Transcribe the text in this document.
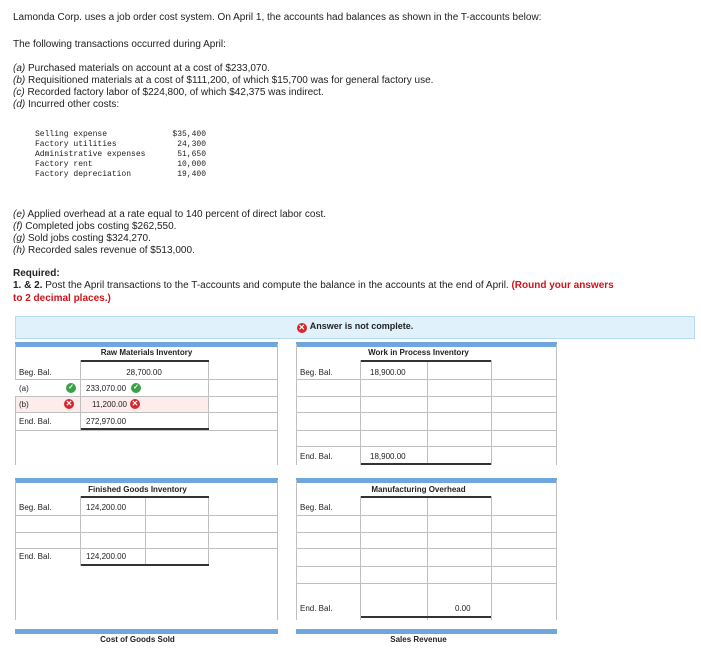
Lamonda Corp. uses a job order cost system. On April 1, the accounts had balances as shown in the T-accounts below:
The following transactions occurred during April:
(a) Purchased materials on account at a cost of $233,070.
(b) Requisitioned materials at a cost of $111,200, of which $15,700 was for general factory use.
(c) Recorded factory labor of $224,800, of which $42,375 was indirect.
(d) Incurred other costs:
Selling expense	$35,400
Factory utilities	24,300
Administrative expenses	51,650
Factory rent	10,000
Factory depreciation	19,400
(e) Applied overhead at a rate equal to 140 percent of direct labor cost.
(f) Completed jobs costing $262,550.
(g) Sold jobs costing $324,270.
(h) Recorded sales revenue of $513,000.
Required:
1. & 2. Post the April transactions to the T-accounts and compute the balance in the accounts at the end of April. (Round your answers
to 2 decimal places.)
✕ Answer is not complete.
Raw Materials Inventory	Work in Process Inventory
Beg. Bal.	28,700.00
(a)	✓ 233,070.00 ✓
(b)	✕ 11,200.00 ✕
End. Bal.	272,970.00
Beg. Bal.	18,900.00
End. Bal.	18,900.00
Finished Goods Inventory	Manufacturing Overhead
Beg. Bal.	124,200.00
End. Bal.	124,200.00
Beg. Bal.
End. Bal.	0.00
Cost of Goods Sold	Sales Revenue
